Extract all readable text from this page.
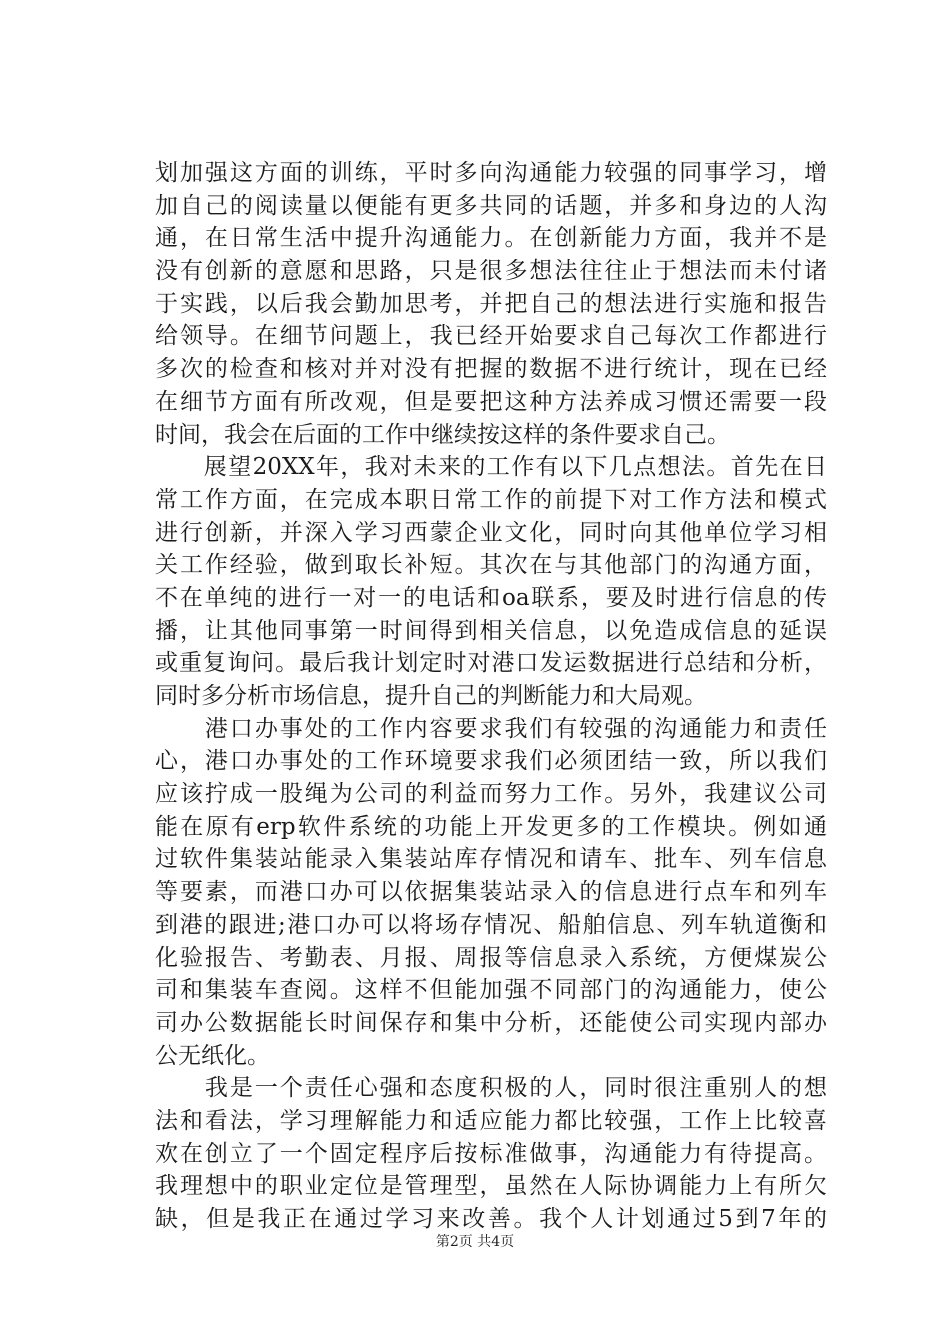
划加强这方面的训练，平时多向沟通能力较强的同事学习，增
加自己的阅读量以便能有更多共同的话题，并多和身边的人沟
通，在日常生活中提升沟通能力。在创新能力方面，我并不是
没有创新的意愿和思路，只是很多想法往往止于想法而未付诸
于实践，以后我会勤加思考，并把自己的想法进行实施和报告
给领导。在细节问题上，我已经开始要求自己每次工作都进行
多次的检查和核对并对没有把握的数据不进行统计，现在已经
在细节方面有所改观，但是要把这种方法养成习惯还需要一段
时间，我会在后面的工作中继续按这样的条件要求自己。
　　展望20XX年，我对未来的工作有以下几点想法。首先在日
常工作方面，在完成本职日常工作的前提下对工作方法和模式
进行创新，并深入学习西蒙企业文化，同时向其他单位学习相
关工作经验，做到取长补短。其次在与其他部门的沟通方面，
不在单纯的进行一对一的电话和oa联系，要及时进行信息的传
播，让其他同事第一时间得到相关信息，以免造成信息的延误
或重复询问。最后我计划定时对港口发运数据进行总结和分析，
同时多分析市场信息，提升自己的判断能力和大局观。
　　港口办事处的工作内容要求我们有较强的沟通能力和责任
心，港口办事处的工作环境要求我们必须团结一致，所以我们
应该拧成一股绳为公司的利益而努力工作。另外，我建议公司
能在原有erp软件系统的功能上开发更多的工作模块。例如通
过软件集装站能录入集装站库存情况和请车、批车、列车信息
等要素，而港口办可以依据集装站录入的信息进行点车和列车
到港的跟进;港口办可以将场存情况、船舶信息、列车轨道衡和
化验报告、考勤表、月报、周报等信息录入系统，方便煤炭公
司和集装车查阅。这样不但能加强不同部门的沟通能力，使公
司办公数据能长时间保存和集中分析，还能使公司实现内部办
公无纸化。
　　我是一个责任心强和态度积极的人，同时很注重别人的想
法和看法，学习理解能力和适应能力都比较强，工作上比较喜
欢在创立了一个固定程序后按标准做事，沟通能力有待提高。
我理想中的职业定位是管理型，虽然在人际协调能力上有所欠
缺，但是我正在通过学习来改善。我个人计划通过5到7年的
第2页 共4页
